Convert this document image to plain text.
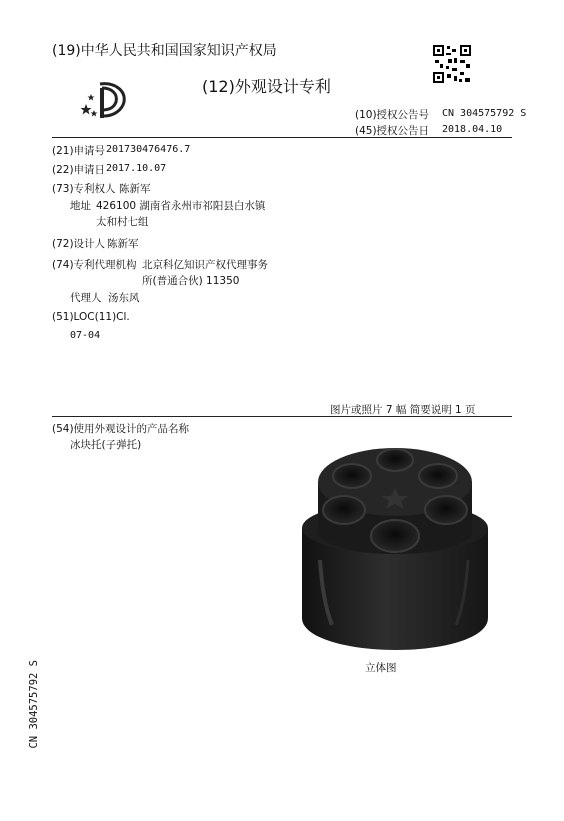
(19)中华人民共和国国家知识产权局
(12)外观设计专利
(10)授权公告号 CN 304575792 S
(45)授权公告日 2018.04.10
(21)申请号 201730476476.7
(22)申请日 2017.10.07
(73)专利权人 陈新军
地址 426100 湖南省永州市祁阳县白水镇
太和村七组
(72)设计人 陈新军
(74)专利代理机构 北京科亿知识产权代理事务
所(普通合伙) 11350
代理人 汤东风
(51)LOC(11)Cl.
07-04
图片或照片 7 幅 简要说明 1 页
(54)使用外观设计的产品名称
冰块托(子弹托)
立体图
CN 304575792 S
